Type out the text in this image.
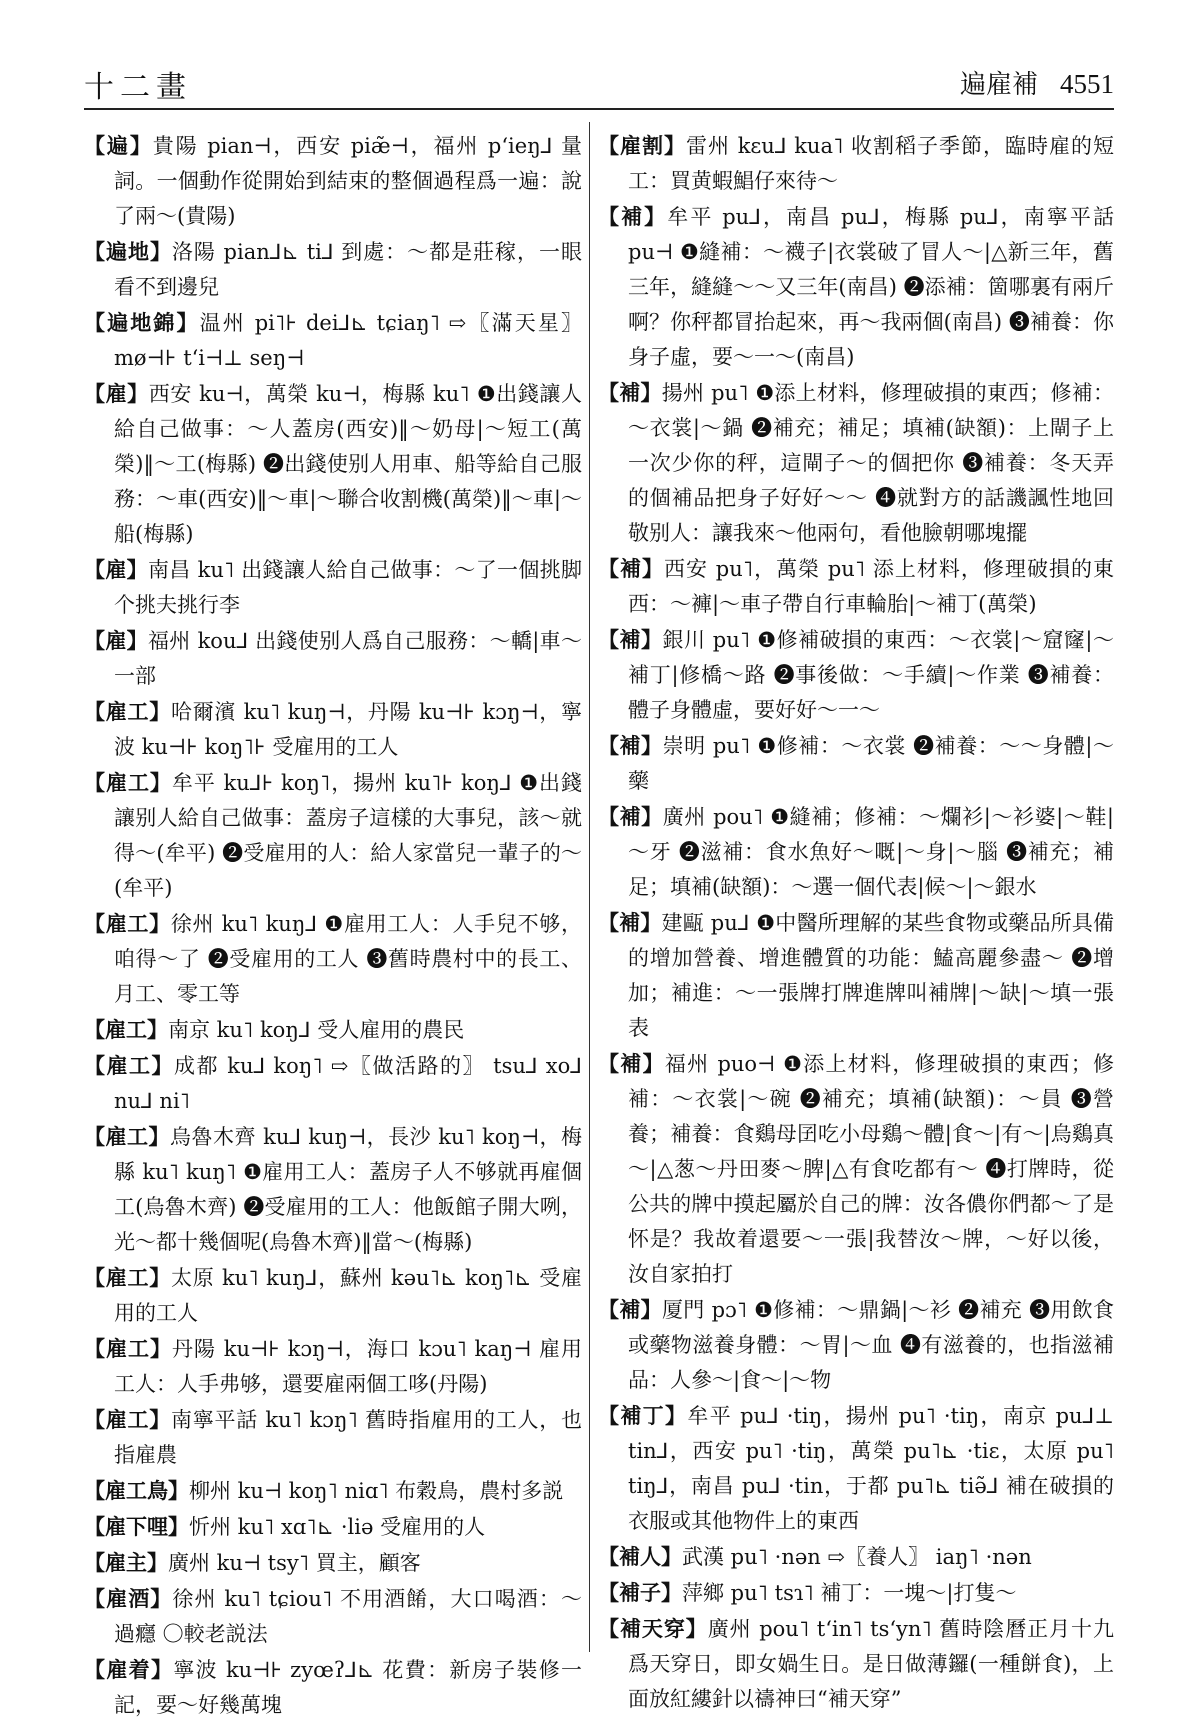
十二畫	遍雇補 4551

【遍】貴陽 pian⊣，西安 piæ̃⊣，福州 pʻieŋ⅃ 量詞。一個動作從開始到結束的整個過程爲一遍：說了兩～(貴陽)

【遍地】洛陽 pian⅃⊾ ti⅃ 到處：～都是莊稼，一眼看不到邊兒

【遍地錦】温州 pi˥⊦ dei⅃⊾ tɕiaŋ˥ ⇨〖滿天星〗 mø⊣⊦ tʻi⊣⊥ seŋ⊣

【雇】西安 ku⊣，萬榮 ku⊣，梅縣 ku˥ ❶出錢讓人給自己做事：～人蓋房(西安)‖～奶母|～短工(萬榮)‖～工(梅縣) ❷出錢使别人用車、船等給自己服務：～車(西安)‖～車|～聯合收割機(萬榮)‖～車|～船(梅縣)

【雇】南昌 ku˥ 出錢讓人給自己做事：～了一個挑脚个挑夫挑行李

【雇】福州 kou⅃ 出錢使别人爲自己服務：～轎|車～一部

【雇工】哈爾濱 ku˥ kuŋ⊣，丹陽 ku⊣⊦ kɔŋ⊣，寧波 ku⊣⊦ koŋ˥⊦ 受雇用的工人

【雇工】牟平 ku⅃⊦ koŋ˥，揚州 ku˥⊦ koŋ⅃ ❶出錢讓别人給自己做事：蓋房子這樣的大事兒，該～就得～(牟平) ❷受雇用的人：給人家當兒一輩子的～(牟平)

【雇工】徐州 ku˥ kuŋ⅃ ❶雇用工人：人手兒不够，咱得～了 ❷受雇用的工人 ❸舊時農村中的長工、月工、零工等

【雇工】南京 ku˥ koŋ⅃ 受人雇用的農民

【雇工】成都 ku⅃ koŋ˥ ⇨〖做活路的〗 tsu⅃ xo⅃ nu⅃ ni˥

【雇工】烏魯木齊 ku⅃ kuŋ⊣，長沙 ku˥ koŋ⊣，梅縣 ku˥ kuŋ˥ ❶雇用工人：蓋房子人不够就再雇個工(烏魯木齊) ❷受雇用的工人：他飯館子開大咧，光～都十幾個呢(烏魯木齊)‖當～(梅縣)

【雇工】太原 ku˥ kuŋ⅃，蘇州 kəu˥⊾ koŋ˥⊾ 受雇用的工人

【雇工】丹陽 ku⊣⊦ kɔŋ⊣，海口 kɔu˥ kaŋ⊣ 雇用工人：人手弗够，還要雇兩個工哆(丹陽)

【雇工】南寧平話 ku˥ kɔŋ˥ 舊時指雇用的工人，也指雇農

【雇工鳥】柳州 ku⊣ koŋ˥ niɑ˥ 布穀鳥，農村多説

【雇下哩】忻州 ku˥ xɑ˥⊾ ·liə 受雇用的人

【雇主】廣州 ku⊣ tsy˥ 買主，顧客

【雇酒】徐州 ku˥ tɕiou˥ 不用酒餚，大口喝酒：～過癮 〇較老説法

【雇着】寧波 ku⊣⊦ zyœʔ⅃⊾ 花費：新房子裝修一記，要～好幾萬塊

【雇割】雷州 kɛu⅃ kua˥ 收割稻子季節，臨時雇的短工：買黄蝦鯧仔來待～

【補】牟平 pu⅃，南昌 pu⅃，梅縣 pu⅃，南寧平話 pu⊣ ❶縫補：～襪子|衣裳破了冒人～|△新三年，舊三年，縫縫～～又三年(南昌) ❷添補：箇哪裏有兩斤啊？你秤都冒抬起來，再～我兩個(南昌) ❸補養：你身子虛，要～一～(南昌)

【補】揚州 pu˥ ❶添上材料，修理破損的東西；修補：～衣裳|～鍋 ❷補充；補足；填補(缺額)：上閘子上一次少你的秤，這閘子～的個把你 ❸補養：冬天弄的個補品把身子好好～～ ❹就對方的話譏諷性地回敬别人：讓我來～他兩句，看他臉朝哪塊擺

【補】西安 pu˥，萬榮 pu˥ 添上材料，修理破損的東西：～褲|～車子帶自行車輪胎|～補丁(萬榮)

【補】銀川 pu˥ ❶修補破損的東西：～衣裳|～窟窿|～補丁|修橋～路 ❷事後做：～手續|～作業 ❸補養：體子身體虛，要好好～一～

【補】崇明 pu˥ ❶修補：～衣裳 ❷補養：～～身體|～藥

【補】廣州 pou˥ ❶縫補；修補：～爛衫|～衫婆|～鞋|～牙 ❷滋補：食水魚好～嘅|～身|～腦 ❸補充；補足；填補(缺額)：～選一個代表|候～|～銀水

【補】建甌 pu⅃ ❶中醫所理解的某些食物或藥品所具備的增加營養、增進體質的功能：鰪高麗參盡～ ❷增加；補進：～一張牌打牌進牌叫補牌|～缺|～填一張表

【補】福州 puo⊣ ❶添上材料，修理破損的東西；修補：～衣裳|～碗 ❷補充；填補(缺額)：～員 ❸營養；補養：食鷄母囝吃小母鷄～體|食～|有～|烏鷄真～|△葱～丹田麥～脾|△有食吃都有～ ❹打牌時，從公共的牌中摸起屬於自己的牌：汝各儂你們都～了是怀是？我故着還要～一張|我替汝～牌，～好以後，汝自家拍打

【補】厦門 pɔ˥ ❶修補：～鼎鍋|～衫 ❷補充 ❸用飲食或藥物滋養身體：～胃|～血 ❹有滋養的，也指滋補品：人參～|食～|～物

【補丁】牟平 pu⅃ ·tiŋ，揚州 pu˥ ·tiŋ，南京 pu⅃⊥ tin⅃，西安 pu˥ ·tiŋ，萬榮 pu˥⊾ ·tiɛ，太原 pu˥ tiŋ⅃，南昌 pu⅃ ·tin，于都 pu˥⊾ tiə̃⅃ 補在破損的衣服或其他物件上的東西

【補人】武漢 pu˥ ·nən ⇨〖養人〗 iaŋ˥ ·nən

【補子】萍鄉 pu˥ tsɿ˥ 補丁：一塊～|打隻～

【補天穿】廣州 pou˥ tʻin˥ tsʻyn˥ 舊時陰曆正月十九爲天穿日，即女媧生日。是日做薄鑼(一種餅食)，上面放紅縷針以禱神曰“補天穿”
